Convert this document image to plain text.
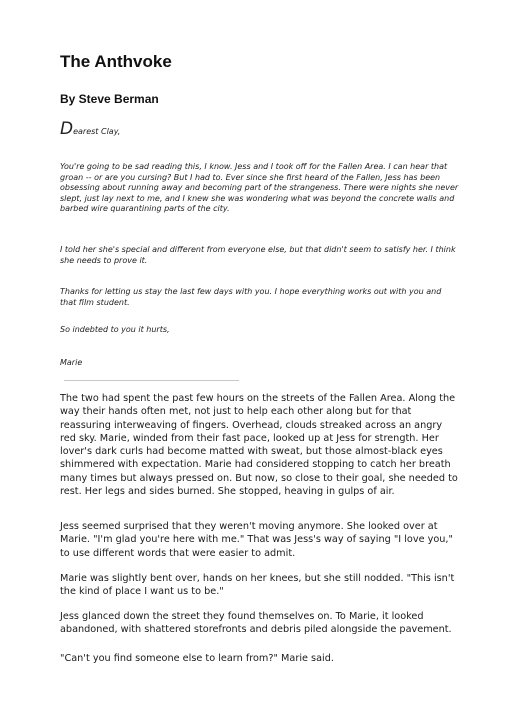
The Anthvoke
By Steve Berman

Dearest Clay,

You're going to be sad reading this, I know. Jess and I took off for the Fallen Area. I can hear that groan -- or are you cursing? But I had to. Ever since she first heard of the Fallen, Jess has been obsessing about running away and becoming part of the strangeness. There were nights she never slept, just lay next to me, and I knew she was wondering what was beyond the concrete walls and barbed wire quarantining parts of the city.

I told her she's special and different from everyone else, but that didn't seem to satisfy her. I think she needs to prove it.

Thanks for letting us stay the last few days with you. I hope everything works out with you and that film student.

So indebted to you it hurts,

Marie

The two had spent the past few hours on the streets of the Fallen Area. Along the way their hands often met, not just to help each other along but for that reassuring interweaving of fingers. Overhead, clouds streaked across an angry red sky. Marie, winded from their fast pace, looked up at Jess for strength. Her lover's dark curls had become matted with sweat, but those almost-black eyes shimmered with expectation. Marie had considered stopping to catch her breath many times but always pressed on. But now, so close to their goal, she needed to rest. Her legs and sides burned. She stopped, heaving in gulps of air.

Jess seemed surprised that they weren't moving anymore. She looked over at Marie. "I'm glad you're here with me." That was Jess's way of saying "I love you," to use different words that were easier to admit.

Marie was slightly bent over, hands on her knees, but she still nodded. "This isn't the kind of place I want us to be."

Jess glanced down the street they found themselves on. To Marie, it looked abandoned, with shattered storefronts and debris piled alongside the pavement.

"Can't you find someone else to learn from?" Marie said.
